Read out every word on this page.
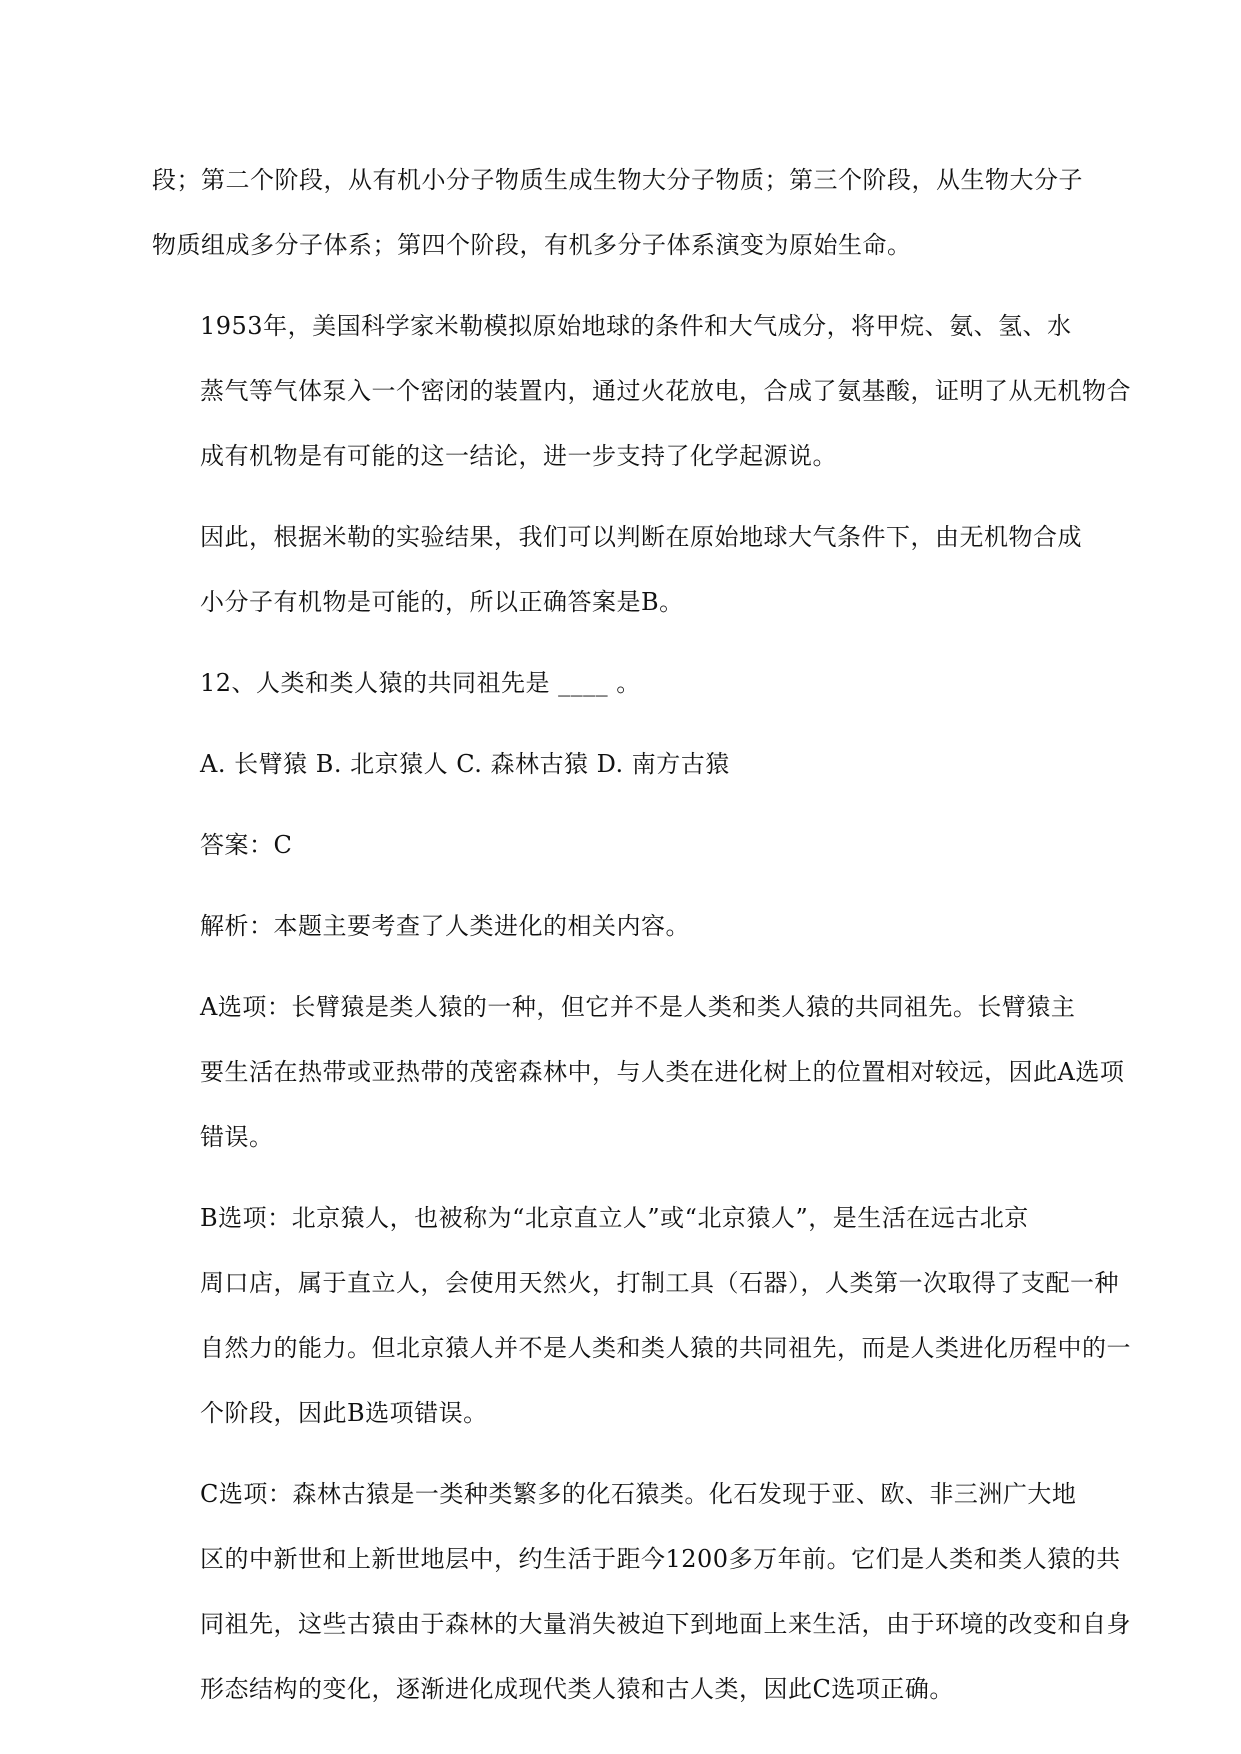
段；第二个阶段，从有机小分子物质生成生物大分子物质；第三个阶段，从生物大分子
物质组成多分子体系；第四个阶段，有机多分子体系演变为原始生命。

1953年，美国科学家米勒模拟原始地球的条件和大气成分，将甲烷、氨、氢、水
蒸气等气体泵入一个密闭的装置内，通过火花放电，合成了氨基酸，证明了从无机物合
成有机物是有可能的这一结论，进一步支持了化学起源说。

因此，根据米勒的实验结果，我们可以判断在原始地球大气条件下，由无机物合成
小分子有机物是可能的，所以正确答案是B。

12、人类和类人猿的共同祖先是 ____ 。

A. 长臂猿 B. 北京猿人 C. 森林古猿 D. 南方古猿

答案：C

解析：本题主要考查了人类进化的相关内容。

A选项：长臂猿是类人猿的一种，但它并不是人类和类人猿的共同祖先。长臂猿主
要生活在热带或亚热带的茂密森林中，与人类在进化树上的位置相对较远，因此A选项
错误。

B选项：北京猿人，也被称为“北京直立人”或“北京猿人”，是生活在远古北京
周口店，属于直立人，会使用天然火，打制工具（石器），人类第一次取得了支配一种
自然力的能力。但北京猿人并不是人类和类人猿的共同祖先，而是人类进化历程中的一
个阶段，因此B选项错误。

C选项：森林古猿是一类种类繁多的化石猿类。化石发现于亚、欧、非三洲广大地
区的中新世和上新世地层中，约生活于距今1200多万年前。它们是人类和类人猿的共
同祖先，这些古猿由于森林的大量消失被迫下到地面上来生活，由于环境的改变和自身
形态结构的变化，逐渐进化成现代类人猿和古人类，因此C选项正确。
